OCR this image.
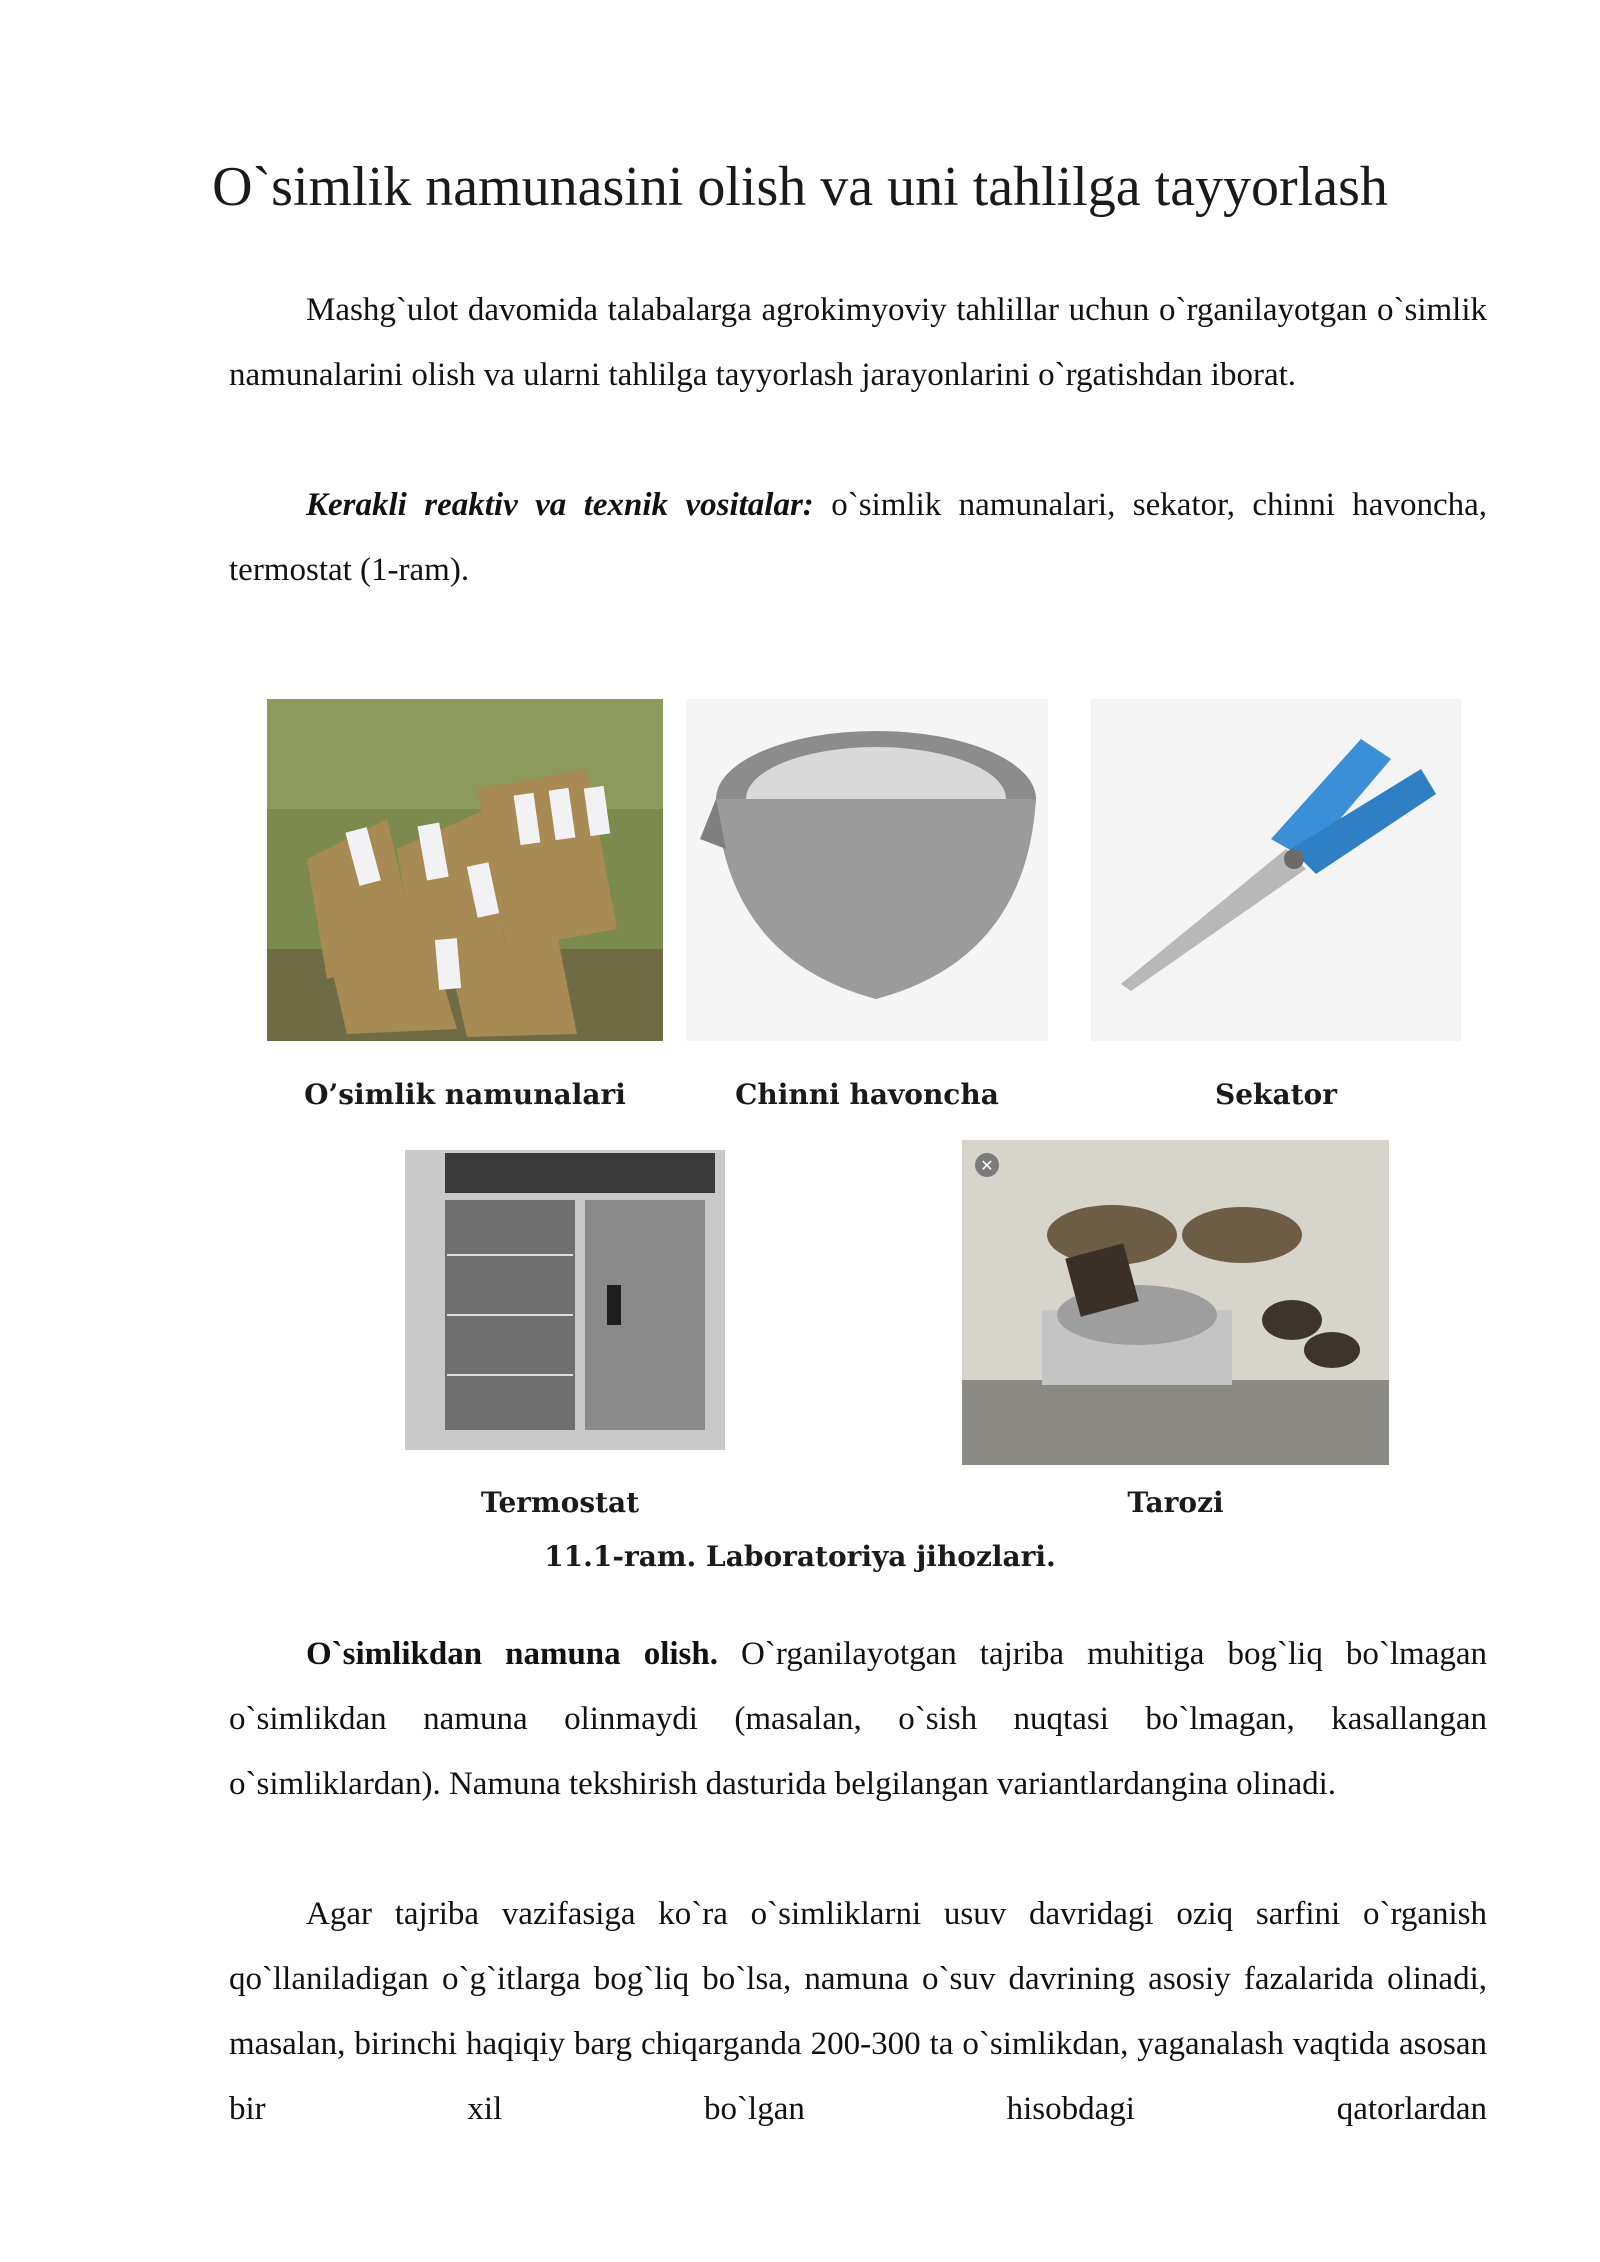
O`simlik namunasini olish va uni tahlilga tayyorlash

Mashg`ulot davomida talabalarga agrokimyoviy tahlillar uchun o`rganilayotgan o`simlik namunalarini olish va ularni tahlilga tayyorlash jarayonlarini o`rgatishdan iborat.

Kerakli reaktiv va texnik vositalar: o`simlik namunalari, sekator, chinni havoncha, termostat (1-ram).

O’simlik namunalari	Chinni havoncha	Sekator
✕
Termostat	Tarozi
11.1-ram. Laboratoriya jihozlari.

O`simlikdan namuna olish. O`rganilayotgan tajriba muhitiga bog`liq bo`lmagan o`simlikdan namuna olinmaydi (masalan, o`sish nuqtasi bo`lmagan, kasallangan o`simliklardan). Namuna tekshirish dasturida belgilangan variantlardangina olinadi.

Agar tajriba vazifasiga ko`ra o`simliklarni usuv davridagi oziq sarfini o`rganish qo`llaniladigan o`g`itlarga bog`liq bo`lsa, namuna o`suv davrining asosiy fazalarida olinadi, masalan, birinchi haqiqiy barg chiqarganda 200-300 ta o`simlikdan, yaganalash vaqtida asosan bir xil bo`lgan hisobdagi qatorlardan
